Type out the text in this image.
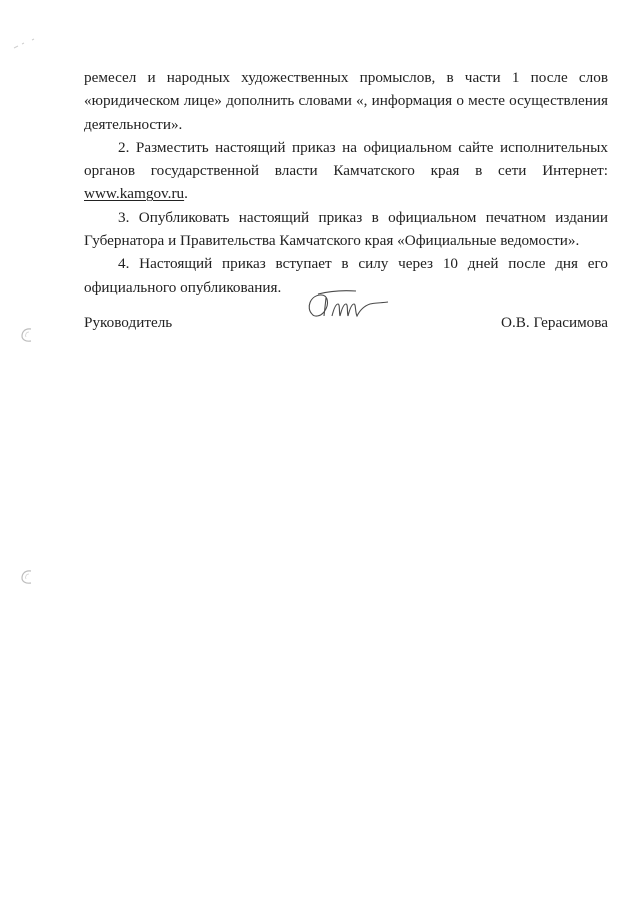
ремесел и народных художественных промыслов, в части 1 после слов «юридическом лице» дополнить словами «, информация о месте осуществления деятельности».

2. Разместить настоящий приказ на официальном сайте исполнительных органов государственной власти Камчатского края в сети Интернет: www.kamgov.ru.

3. Опубликовать настоящий приказ в официальном печатном издании Губернатора и Правительства Камчатского края «Официальные ведомости».

4. Настоящий приказ вступает в силу через 10 дней после дня его официального опубликования.

Руководитель	О.В. Герасимова
